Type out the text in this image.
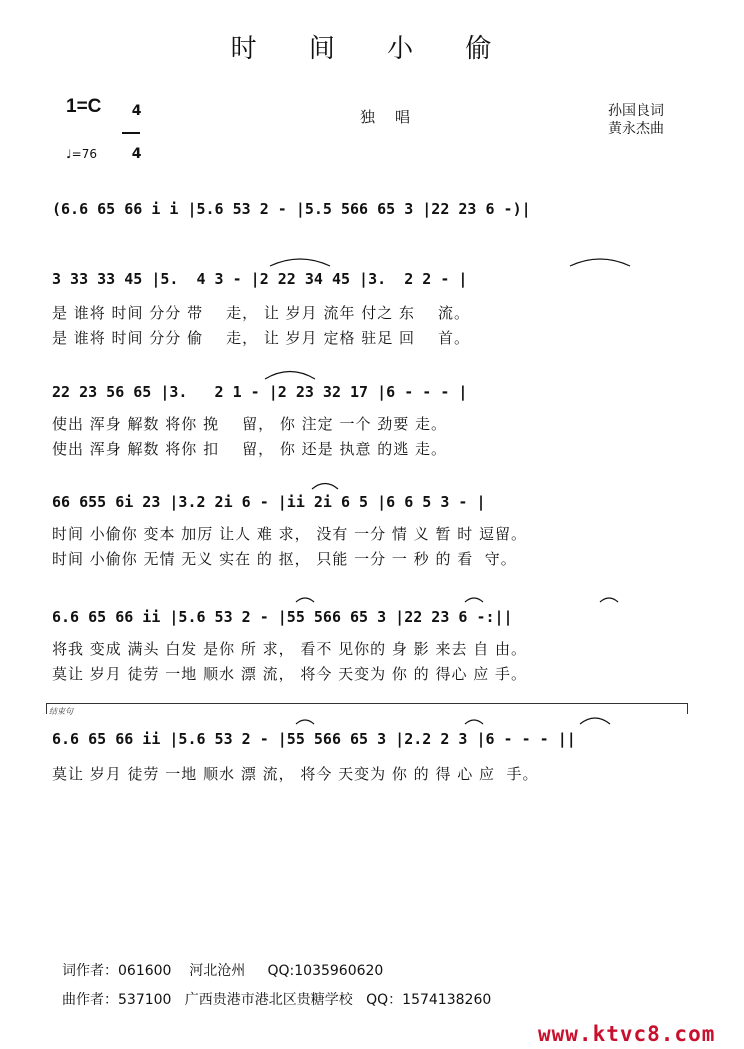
时 间 小 偷
1=C	4

4

独唱	孙国良词
黄永杰曲
♩=76
(6.6 65 66 i i |5.6 53 2 - |5.5 566 65 3 |22 23 6 -)|
3 33 33 45 |5.  4 3 - |2 22 34 45 |3.  2 2 - |
是 谁将 时间 分分 带    走， 让 岁月 流年 付之 东    流。
是 谁将 时间 分分 偷    走， 让 岁月 定格 驻足 回    首。
22 23 56 65 |3.   2 1 - |2 23 32 17 |6 - - - |
使出 浑身 解数 将你 挽    留， 你 注定 一个 劲要 走。
使出 浑身 解数 将你 扣    留， 你 还是 执意 的逃 走。
66 655 6i 23 |3.2 2i 6 - |ii 2i 6 5 |6 6 5 3 - |
时间 小偷你 变本 加厉 让人 难 求， 没有 一分 情 义 暂 时 逗留。
时间 小偷你 无情 无义 实在 的 抠， 只能 一分 一 秒 的 看  守。
6.6 65 66 ii |5.6 53 2 - |55 566 65 3 |22 23 6 -:||
将我 变成 满头 白发 是你 所 求， 看不 见你的 身 影 来去 自 由。
莫让 岁月 徒劳 一地 顺水 漂 流， 将今 天变为 你 的 得心 应 手。
结束句
6.6 65 66 ii |5.6 53 2 - |55 566 65 3 |2.2 2 3 |6 - - - ||
莫让 岁月 徒劳 一地 顺水 漂 流， 将今 天变为 你 的 得 心 应  手。
词作者：061600    河北沧州     QQ:1035960620
曲作者：537100   广西贵港市港北区贵糖学校   QQ：1574138260
www.ktvc8.com
